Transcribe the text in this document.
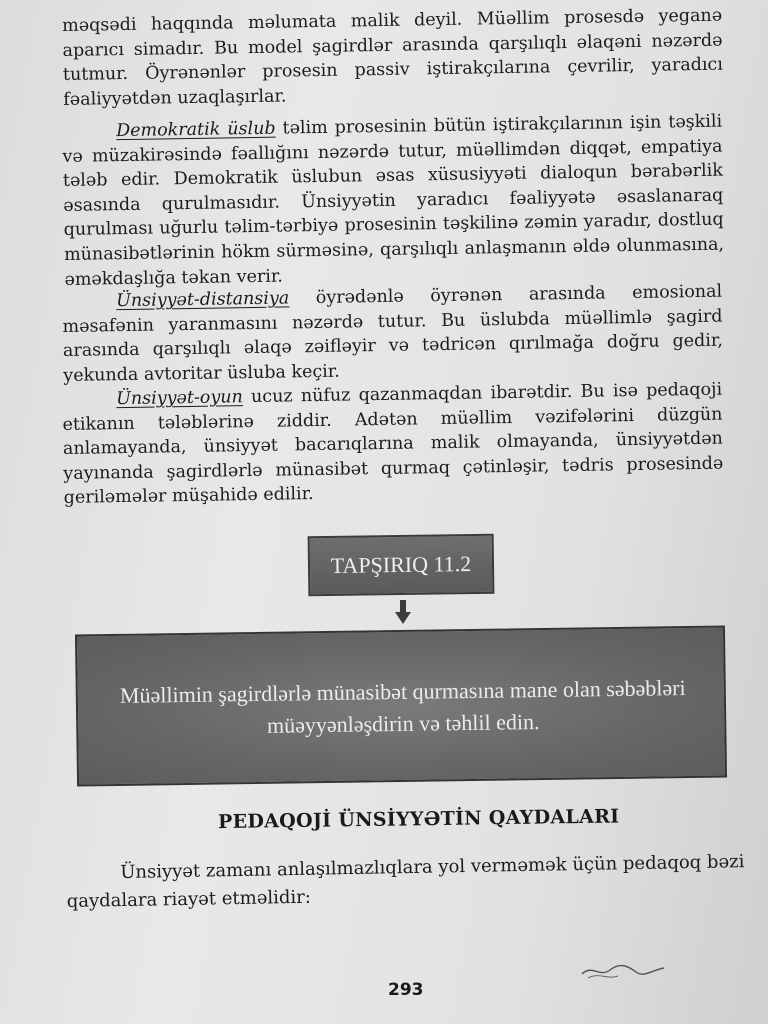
məqsədi haqqında məlumata malik deyil. Müəllim prosesdə yeganə aparıcı simadır. Bu model şagirdlər arasında qarşılıqlı əlaqəni nəzərdə tutmur. Öyrənənlər prosesin passiv iştirakçılarına çevrilir, yaradıcı fəaliyyətdən uzaqlaşırlar.
Demokratik üslub təlim prosesinin bütün iştirakçılarının işin təşkili və müzakirəsində fəallığını nəzərdə tutur, müəllimdən diqqət, empatiya tələb edir. Demokratik üslubun əsas xüsusiyyəti dialoqun bərabərlik əsasında qurulmasıdır. Ünsiyyətin yaradıcı fəaliyyətə əsaslanaraq qurulması uğurlu təlim-tərbiyə prosesinin təşkilinə zəmin yaradır, dostluq münasibətlərinin hökm sürməsinə, qarşılıqlı anlaşmanın əldə olunmasına, əməkdaşlığa təkan verir.
Ünsiyyət-distansiya öyrədənlə öyrənən arasında emosional məsafənin yaranmasını nəzərdə tutur. Bu üslubda müəllimlə şagird arasında qarşılıqlı əlaqə zəifləyir və tədricən qırılmağa doğru gedir, yekunda avtoritar üsluba keçir.
Ünsiyyət-oyun ucuz nüfuz qazanmaqdan ibarətdir. Bu isə pedaqoji etikanın tələblərinə ziddir. Adətən müəllim vəzifələrini düzgün anlamayanda, ünsiyyət bacarıqlarına malik olmayanda, ünsiyyətdən yayınanda şagirdlərlə münasibət qurmaq çətinləşir, tədris prosesində geriləmələr müşahidə edilir.
TAPŞIRIQ 11.2
Müəllimin şagirdlərlə münasibət qurmasına mane olan səbəbləri müəyyənləşdirin və təhlil edin.
PEDAQOJİ ÜNSİYYƏTİN QAYDALARI
Ünsiyyət zamanı anlaşılmazlıqlara yol verməmək üçün pedaqoq bəzi qaydalara riayət etməlidir:
293
